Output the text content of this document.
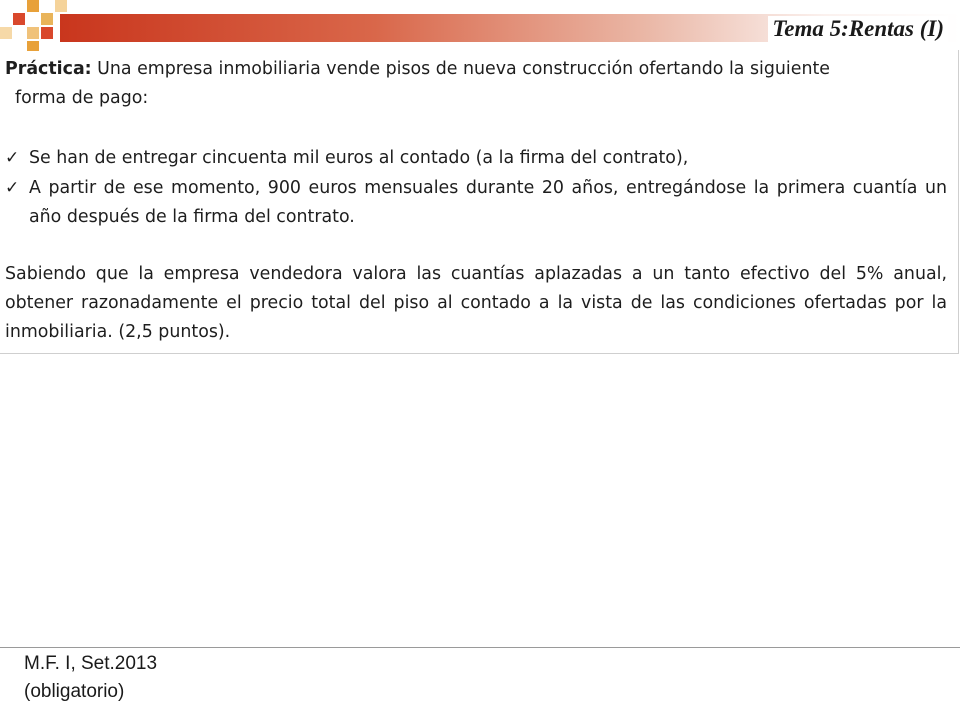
Tema 5:Rentas (I)
Práctica: Una empresa inmobiliaria vende pisos de nueva construcción ofertando la siguiente
forma de pago:
✓ Se han de entregar cincuenta mil euros al contado (a la firma del contrato),
✓ A partir de ese momento, 900 euros mensuales durante 20 años, entregándose la primera cuantía un año después de la firma del contrato.
Sabiendo que la empresa vendedora valora las cuantías aplazadas a un tanto efectivo del 5% anual, obtener razonadamente el precio total del piso al contado a la vista de las condiciones ofertadas por la inmobiliaria. (2,5 puntos).
M.F. I, Set.2013
(obligatorio)
